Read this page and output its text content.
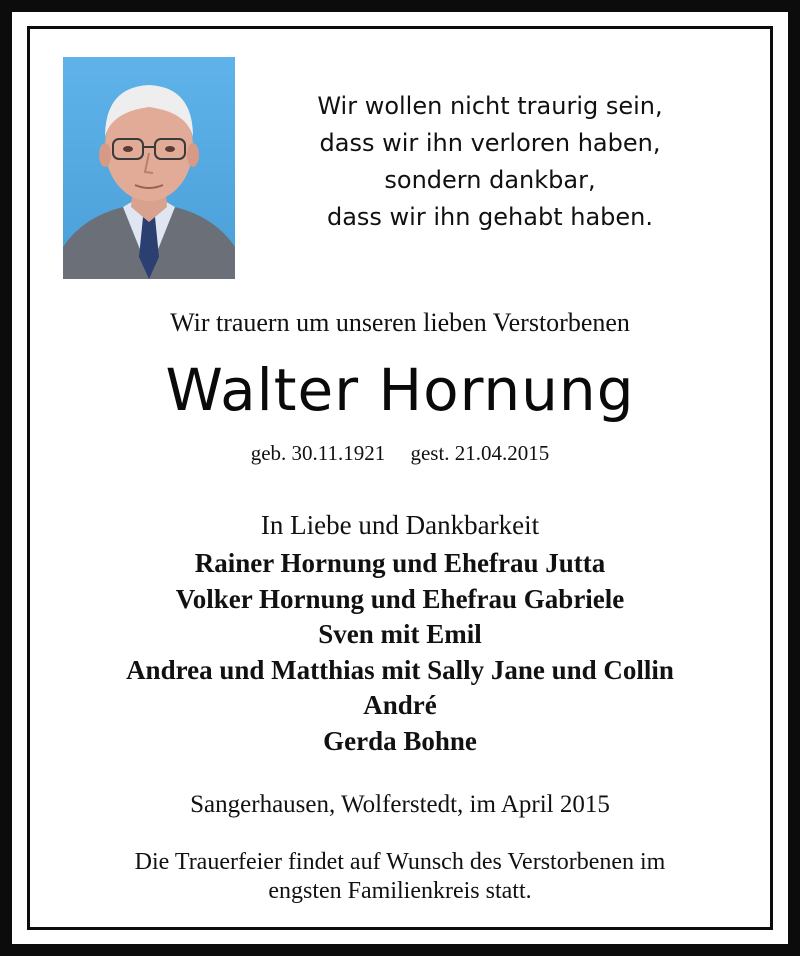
Wir wollen nicht traurig sein,
dass wir ihn verloren haben,
sondern dankbar,
dass wir ihn gehabt haben.
Wir trauern um unseren lieben Verstorbenen
Walter Hornung
geb. 30.11.1921 gest. 21.04.2015
In Liebe und Dankbarkeit
Rainer Hornung und Ehefrau Jutta
Volker Hornung und Ehefrau Gabriele
Sven mit Emil
Andrea und Matthias mit Sally Jane und Collin
André
Gerda Bohne
Sangerhausen, Wolferstedt, im April 2015
Die Trauerfeier findet auf Wunsch des Verstorbenen im
engsten Familienkreis statt.
